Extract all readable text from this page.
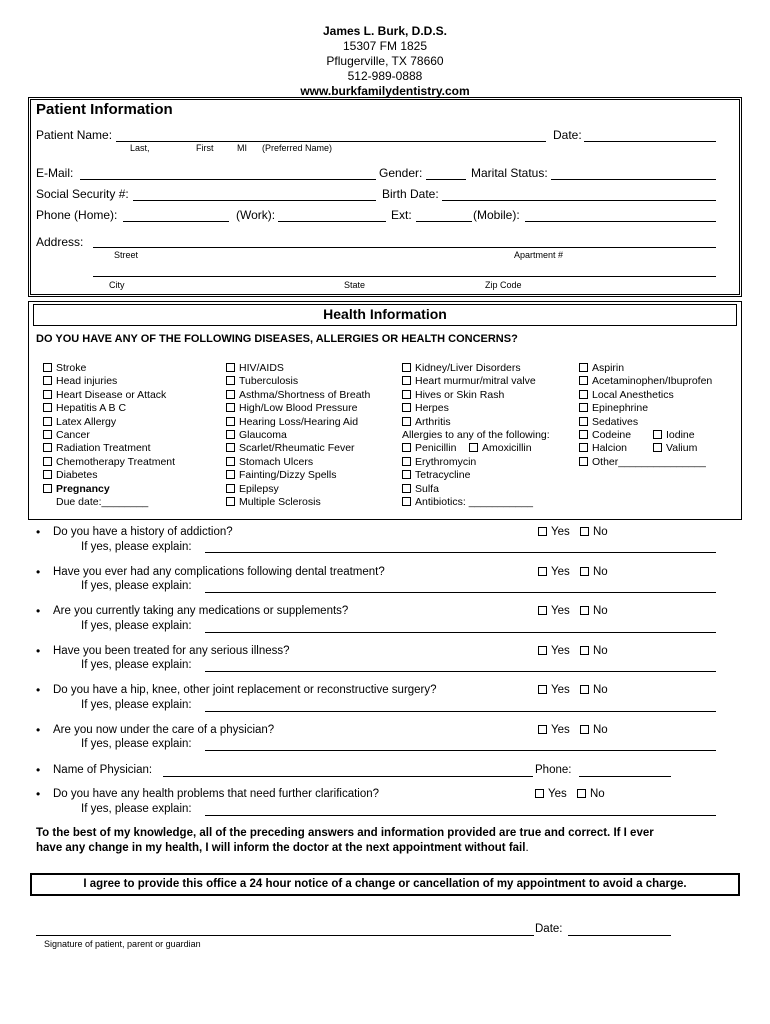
James L. Burk, D.D.S.
15307 FM 1825
Pflugerville, TX 78660
512-989-0888
www.burkfamilydentistry.com
Patient Information
Patient Name:	Date:
Last,	First	MI (Preferred Name)
E-Mail:	Gender:	Marital Status:
Social Security #:	Birth Date:
Phone (Home):	(Work):	Ext:	(Mobile):
Address:
Street	Apartment #
City	State	Zip Code
Health Information
DO YOU HAVE ANY OF THE FOLLOWING DISEASES, ALLERGIES OR HEALTH CONCERNS?
Stroke
Head injuries
Heart Disease or Attack
Hepatitis A B C
Latex Allergy
Cancer
Radiation Treatment
Chemotherapy Treatment
Diabetes
Pregnancy
Due date:________
HIV/AIDS
Tuberculosis
Asthma/Shortness of Breath
High/Low Blood Pressure
Hearing Loss/Hearing Aid
Glaucoma
Scarlet/Rheumatic Fever
Stomach Ulcers
Fainting/Dizzy Spells
Epilepsy
Multiple Sclerosis
Kidney/Liver Disorders
Heart murmur/mitral valve
Hives or Skin Rash
Herpes
Arthritis
Allergies to any of the following:
Penicillin	Amoxicillin
Erythromycin
Tetracycline
Sulfa
Antibiotics: ___________
Aspirin
Acetaminophen/Ibuprofen
Local Anesthetics
Epinephrine
Sedatives
Codeine	Iodine
Halcion	Valium
Other_______________
• Do you have a history of addiction?	Yes	No
If yes, please explain:
• Have you ever had any complications following dental treatment?	Yes	No
If yes, please explain:
• Are you currently taking any medications or supplements?	Yes	No
If yes, please explain:
• Have you been treated for any serious illness?	Yes	No
If yes, please explain:
• Do you have a hip, knee, other joint replacement or reconstructive surgery?	Yes	No
If yes, please explain:
• Are you now under the care of a physician?	Yes	No
If yes, please explain:
• Name of Physician:	Phone:
• Do you have any health problems that need further clarification?	Yes	No
If yes, please explain:
To the best of my knowledge, all of the preceding answers and information provided are true and correct. If I ever
have any change in my health, I will inform the doctor at the next appointment without fail.
I agree to provide this office a 24 hour notice of a change or cancellation of my appointment to avoid a charge.
Signature of patient, parent or guardian
Date:
